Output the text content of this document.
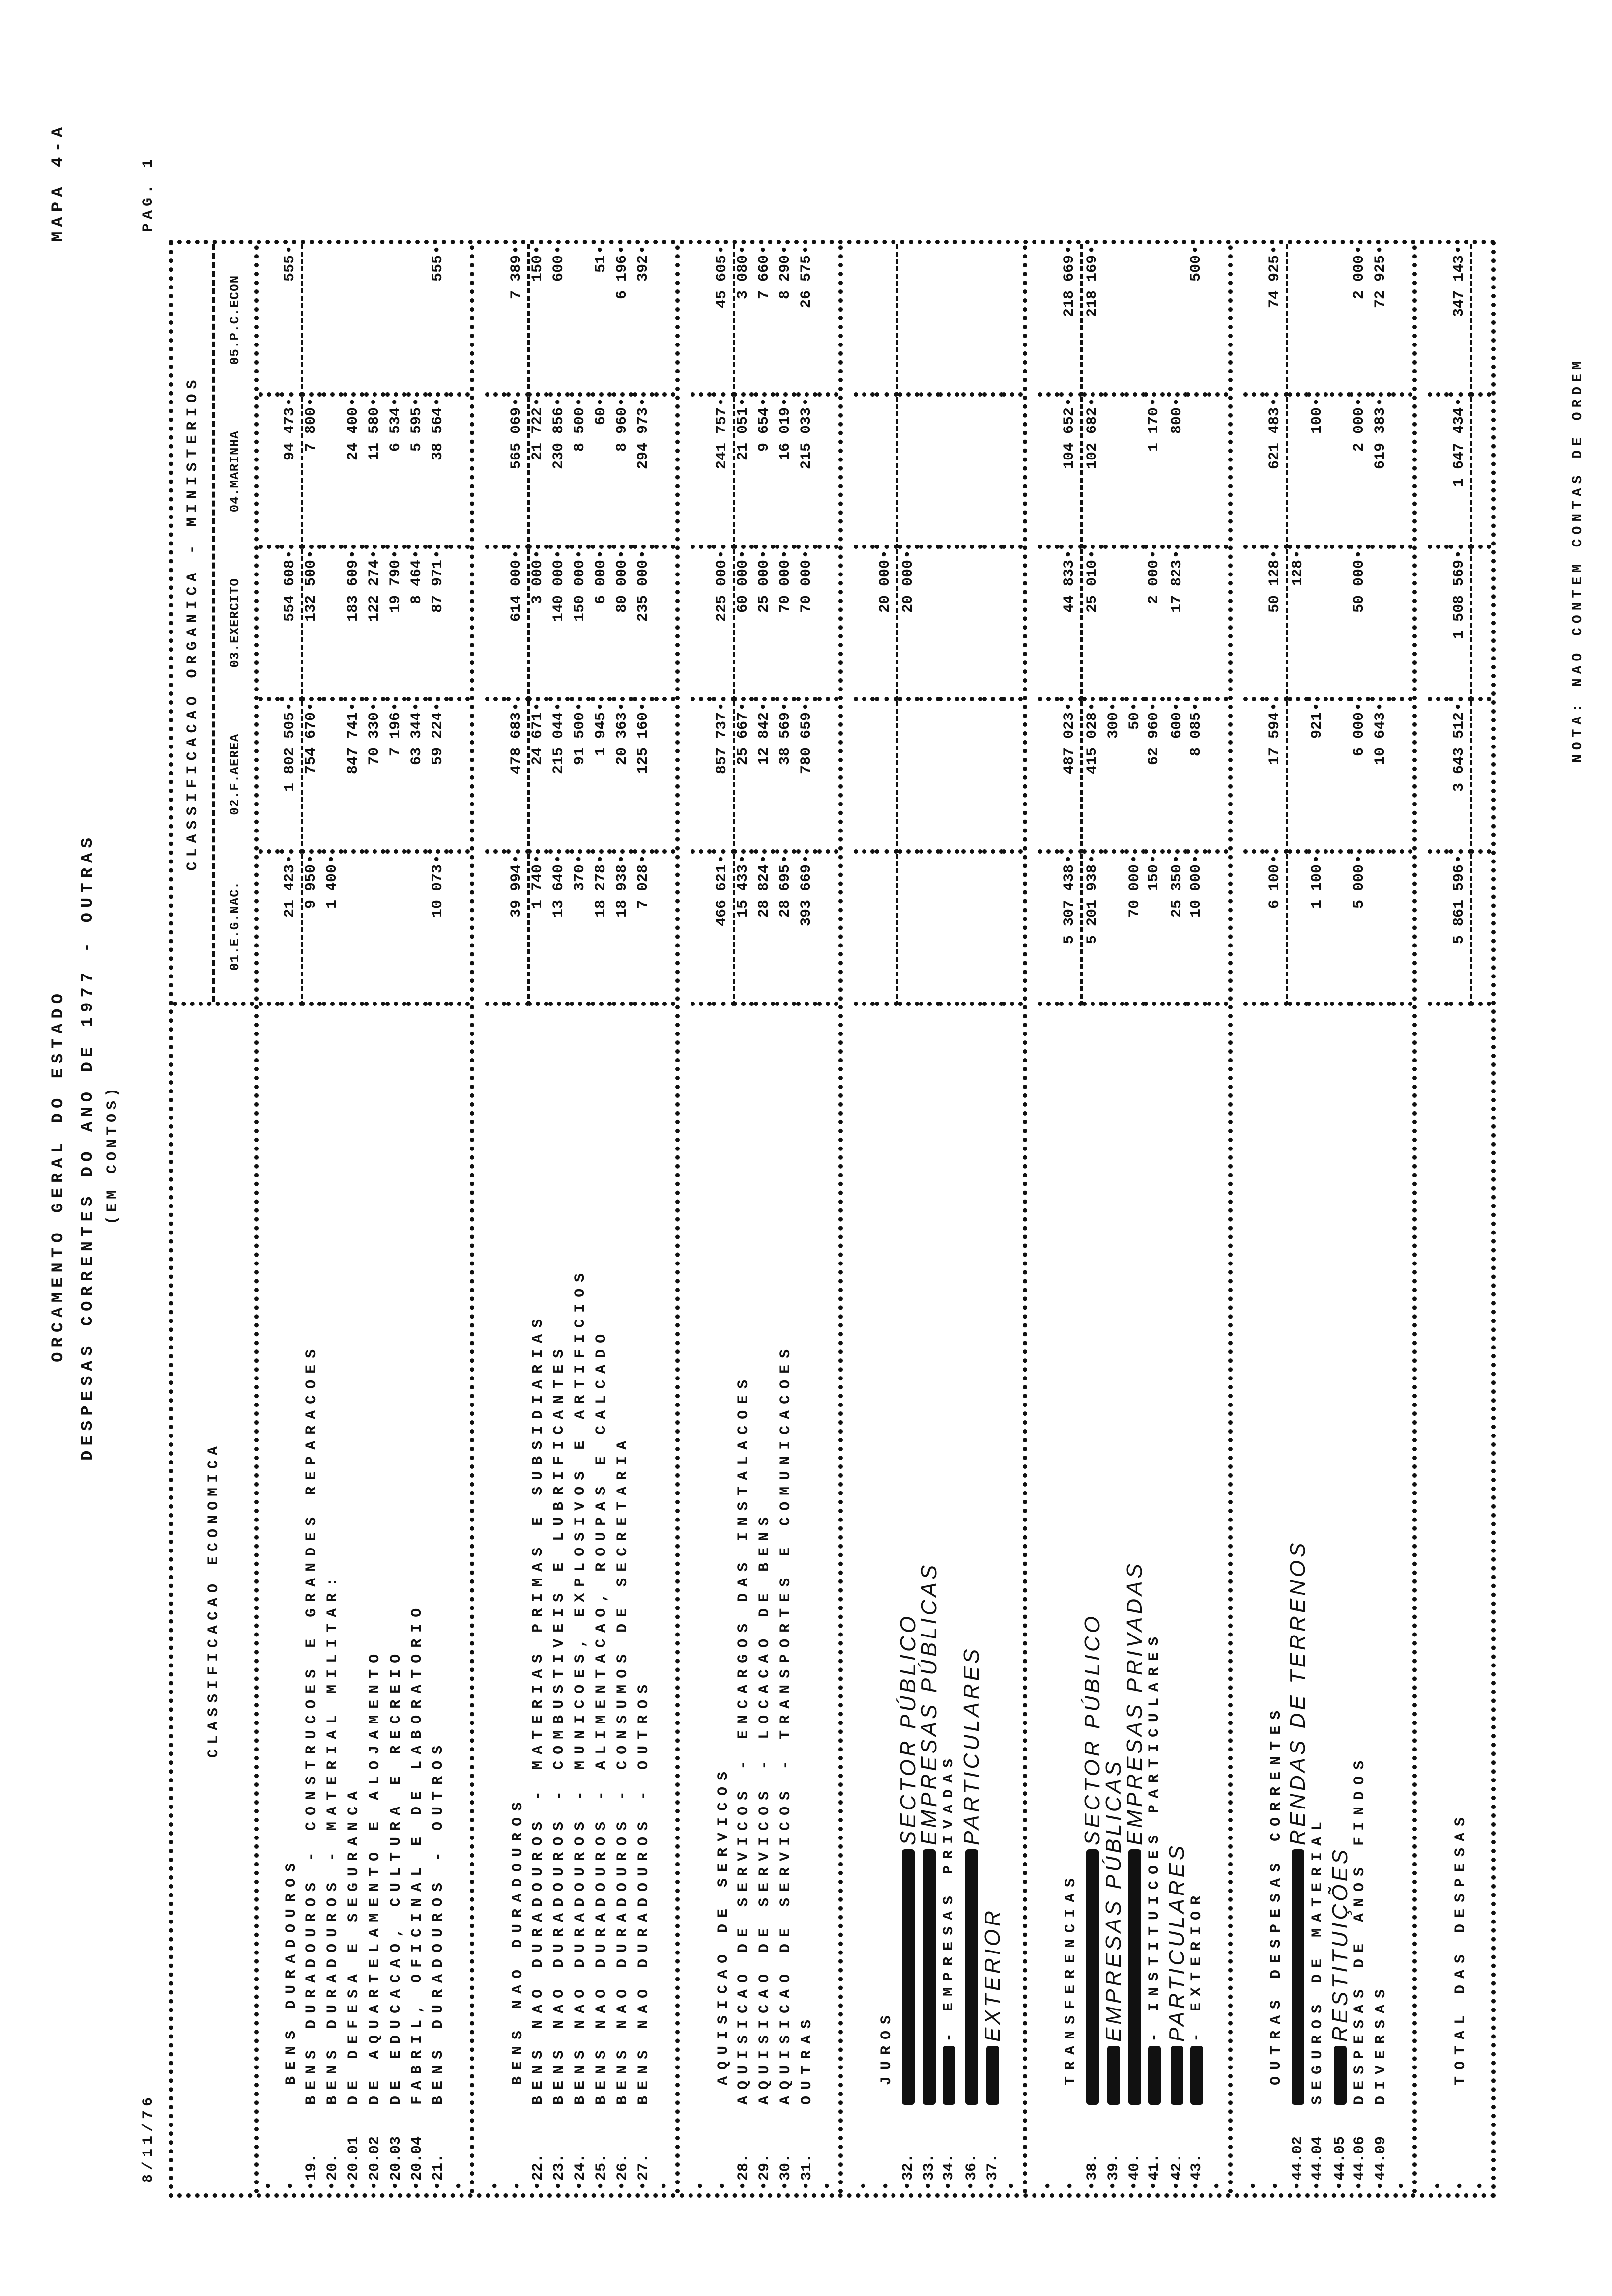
ORCAMENTO GERAL DO ESTADO DESPESAS CORRENTES DO ANO DE 1977 - OUTRAS (EM CONTOS)
MAPA 4-A	PAG. 1
8/11/76
CLASSIFICACAO ECONOMICA
CLASSIFICACAO ORGANICA - MINISTERIOS
01.E.G.NAC.
02.F.AEREA
03.EXERCITO
04.MARINHA
05.P.C.ECON
•
•
BENS DURADOUROS
21 423 •
1 802 505 •
554 608 •
94 473 •
555 •
• 19.
BENS DURADOUROS - CONSTRUCOES E GRANDES REPARACOES
9 950 •
754 670 •
132 500 •
7 800 •
• 20.
BENS DURADOUROS - MATERIAL MILITAR:
1 400 •
• 20.01
DE DEFESA E SEGURANCA
847 741 •
183 609 •
24 400 •
• 20.02
DE AQUARTELAMENTO E ALOJAMENTO
70 330 •
122 274 •
11 580 •
• 20.03
DE EDUCACAO, CULTURA E RECREIO
7 196 •
19 790 •
6 534 •
• 20.04
FABRIL, OFICINAL E DE LABORATORIO
63 344 •
8 464 •
5 595 •
• 21.
BENS DURADOUROS - OUTROS
10 073 •
59 224 •
87 971 •
38 564 •
555 •
•
•
•
BENS NAO DURADOUROS
39 994 •
478 683 •
614 000 •
565 069 •
7 389 •
• 22.
BENS NAO DURADOUROS - MATERIAS PRIMAS E SUBSIDIARIAS
1 740 •
24 671 •
3 000 •
21 722 •
150 •
• 23.
BENS NAO DURADOUROS - COMBUSTIVEIS E LUBRIFICANTES
13 640 •
215 044 •
140 000 •
230 856 •
600 •
• 24.
BENS NAO DURADOUROS - MUNICOES, EXPLOSIVOS E ARTIFICIOS
370 •
91 500 •
150 000 •
8 500 •
• 25.
BENS NAO DURADOUROS - ALIMENTACAO, ROUPAS E CALCADO
18 278 •
1 945 •
6 000 •
60 •
51 •
• 26.
BENS NAO DURADOUROS - CONSUMOS DE SECRETARIA
18 938 •
20 363 •
80 000 •
8 960 •
6 196 •
• 27.
BENS NAO DURADOUROS - OUTROS
7 028 •
125 160 •
235 000 •
294 973 •
392 •
•
•
•
AQUISICAO DE SERVICOS
466 621 •
857 737 •
225 000 •
241 757 •
45 605 •
• 28.
AQUISICAO DE SERVICOS - ENCARGOS DAS INSTALACOES
15 433 •
25 667 •
60 000 •
21 051 •
3 080 •
• 29.
AQUISICAO DE SERVICOS - LOCACAO DE BENS
28 824 •
12 842 •
25 000 •
9 654 •
7 660 •
• 30.
AQUISICAO DE SERVICOS - TRANSPORTES E COMUNICACOES
28 695 •
38 569 •
70 000 •
16 019 •
8 290 •
• 31.
OUTRAS
393 669 •
780 659 •
70 000 •
215 033 •
26 575 •
•
•
•
JUROS
20 000 •
• 32.
SECTOR PÚBLICO
20 000 •
• 33.
EMPRESAS PÚBLICAS
• 34.
- EMPRESAS PRIVADAS
• 36.
PARTICULARES
• 37.
EXTERIOR
•
•
•	TRANSFERENCIAS
5 307 438 •
487 023 •
44 833 •
104 652 •
218 669 •
• 38.
SECTOR PÚBLICO
5 201 938 •
415 028 •
25 010 •
102 682 •
218 169 •
• 39.
EMPRESAS PÚBLICAS
300 •
• 40.
EMPRESAS PRIVADAS
70 000 •
50 •
• 41.
- INSTITUICOES PARTICULARES
150 •
62 960 •
2 000 •
1 170 •
• 42.
PARTICULARES
25 350 •
600 •
17 823 •
800 •
• 43.
- EXTERIOR
10 000 •
8 085 •
500 •
•
•
•
OUTRAS DESPESAS CORRENTES
6 100 •
17 594 •
50 128 •
621 483 •
74 925 •
• 44.02
RENDAS DE TERRENOS
128 •
• 44.04
SEGUROS DE MATERIAL
1 100 •
921 •
100 •
• 44.05
RESTITUIÇÕES
• 44.06
DESPESAS DE ANOS FINDOS
5 000 •
6 000 •
50 000 •
2 000 •
2 000 •
• 44.09
DIVERSAS
10 643 •
619 383 •
72 925 •
•
•
•
TOTAL DAS DESPESAS
5 861 596 •
3 643 512 •
1 508 569 •
1 647 434 •
347 143 •
•
NOTA: NAO CONTEM CONTAS DE ORDEM
